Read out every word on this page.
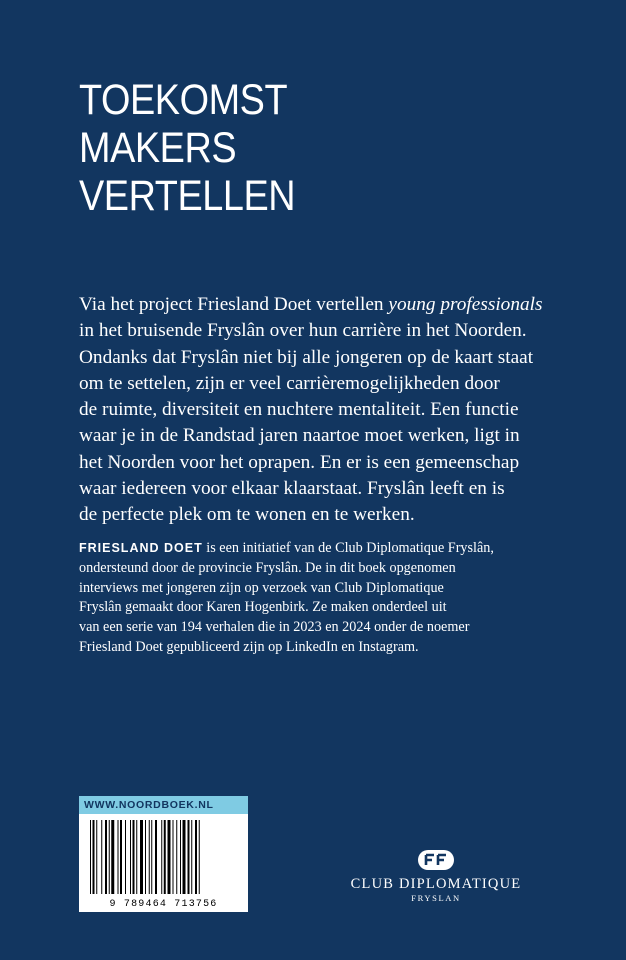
TOEKOMST
MAKERS
VERTELLEN
Via het project Friesland Doet vertellen young professionals
in het bruisende Fryslân over hun carrière in het Noorden.
Ondanks dat Fryslân niet bij alle jongeren op de kaart staat
om te settelen, zijn er veel carrièremogelijkheden door
de ruimte, diversiteit en nuchtere mentaliteit. Een functie
waar je in de Randstad jaren naartoe moet werken, ligt in
het Noorden voor het oprapen. En er is een gemeenschap
waar iedereen voor elkaar klaarstaat. Fryslân leeft en is
de perfecte plek om te wonen en te werken.
FRIESLAND DOET is een initiatief van de Club Diplomatique Fryslân,
ondersteund door de provincie Fryslân. De in dit boek opgenomen
interviews met jongeren zijn op verzoek van Club Diplomatique
Fryslân gemaakt door Karen Hogenbirk. Ze maken onderdeel uit
van een serie van 194 verhalen die in 2023 en 2024 onder de noemer
Friesland Doet gepubliceerd zijn op LinkedIn en Instagram.
WWW.NOORDBOEK.NL
9 789464 713756
CLUB DIPLOMATIQUE
FRYSLAN
